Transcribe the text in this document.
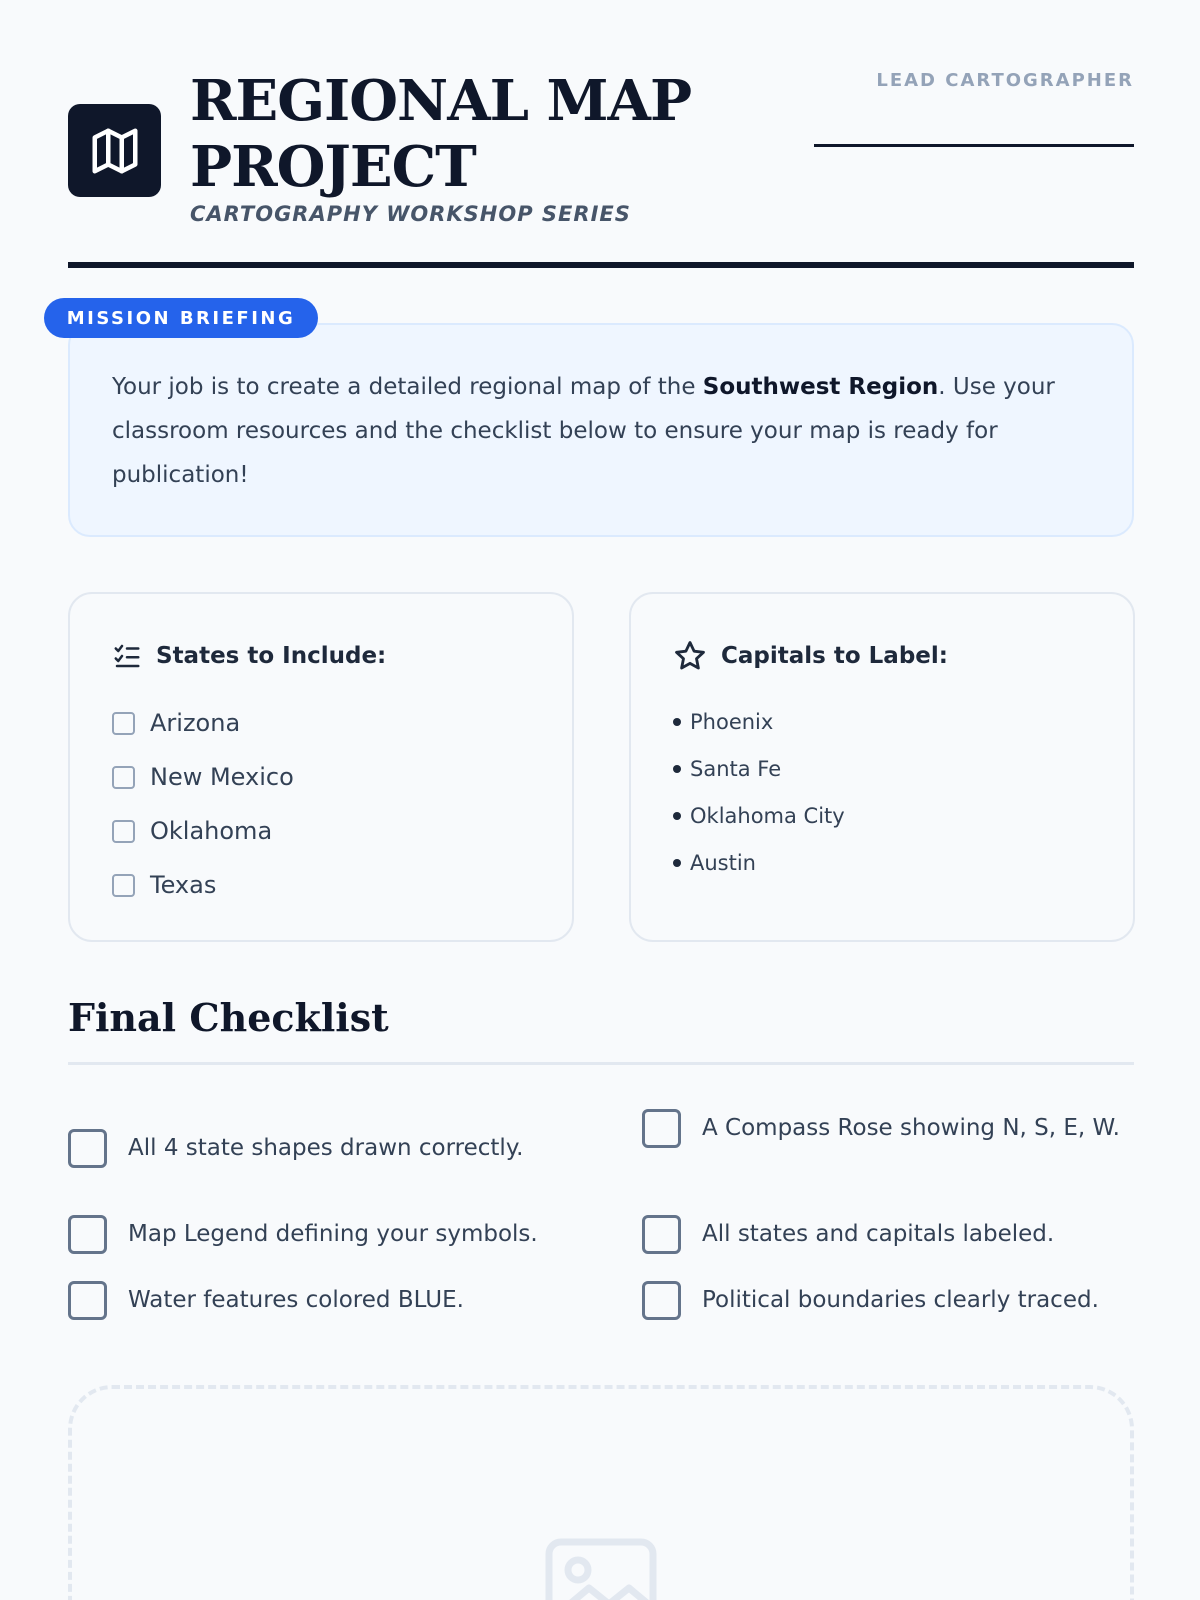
REGIONAL MAP PROJECT
CARTOGRAPHY WORKSHOP SERIES
LEAD CARTOGRAPHER

Your job is to create a detailed regional map of the Southwest Region. Use your classroom resources and the checklist below to ensure your map is ready for publication!

MISSION BRIEFING
States to Include:
Arizona
New Mexico
Oklahoma
Texas
Capitals to Label:
Phoenix
Santa Fe
Oklahoma City
Austin
Final Checklist
All 4 state shapes drawn correctly.
A Compass Rose showing N, S, E, W.
Map Legend defining your symbols.	All states and capitals labeled.
Water features colored BLUE.	Political boundaries clearly traced.
